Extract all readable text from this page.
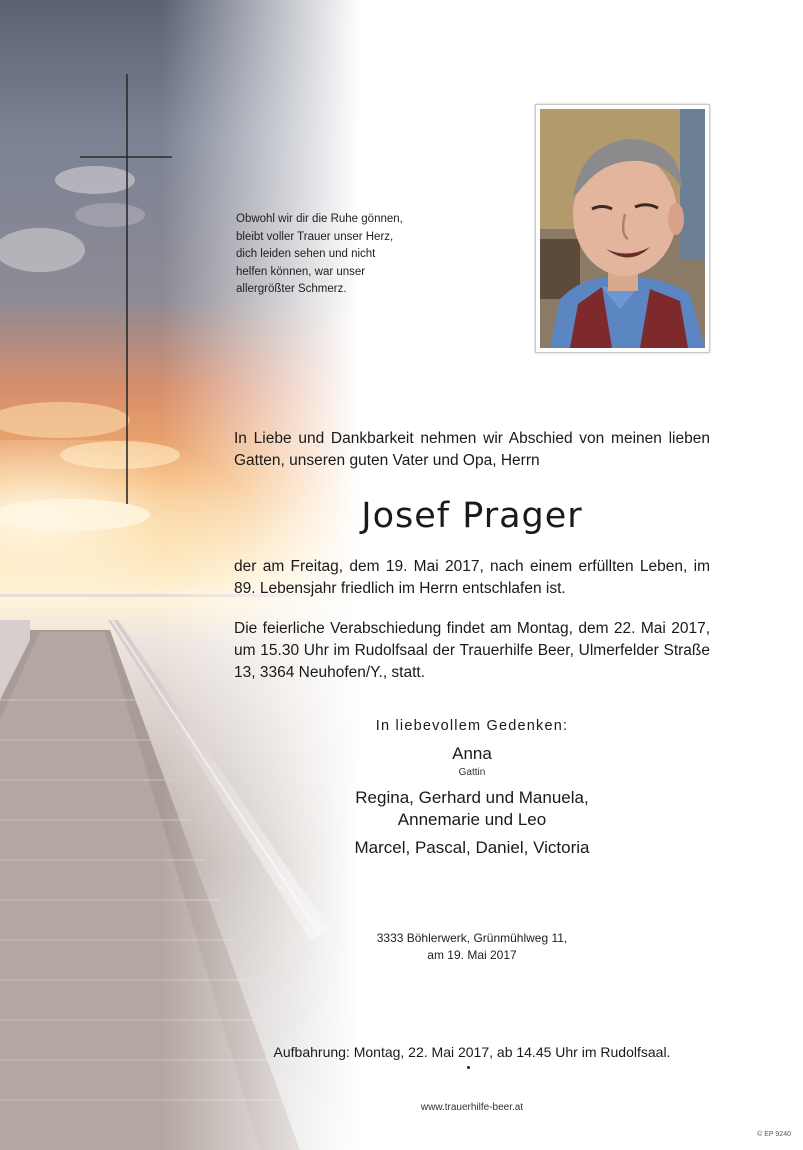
Obwohl wir dir die Ruhe gönnen,
bleibt voller Trauer unser Herz,
dich leiden sehen und nicht
helfen können, war unser
allergrößter Schmerz.
In Liebe und Dankbarkeit nehmen wir Abschied von meinen lieben Gatten, unseren guten Vater und Opa, Herrn
Josef Prager
der am Freitag, dem 19. Mai 2017, nach einem erfüllten Leben, im 89. Lebensjahr friedlich im Herrn entschlafen ist.
Die feierliche Verabschiedung findet am Montag, dem 22. Mai 2017, um 15.30 Uhr im Rudolfsaal der Trauerhilfe Beer, Ulmerfelder Straße 13, 3364 Neuhofen/Y., statt.
In liebevollem Gedenken:
Anna
Gattin
Regina, Gerhard und Manuela,
Annemarie und Leo
Marcel, Pascal, Daniel, Victoria
3333 Böhlerwerk, Grünmühlweg 11,
am 19. Mai 2017
Aufbahrung: Montag, 22. Mai 2017, ab 14.45 Uhr im Rudolfsaal.
www.trauerhilfe-beer.at
© EP 9240
